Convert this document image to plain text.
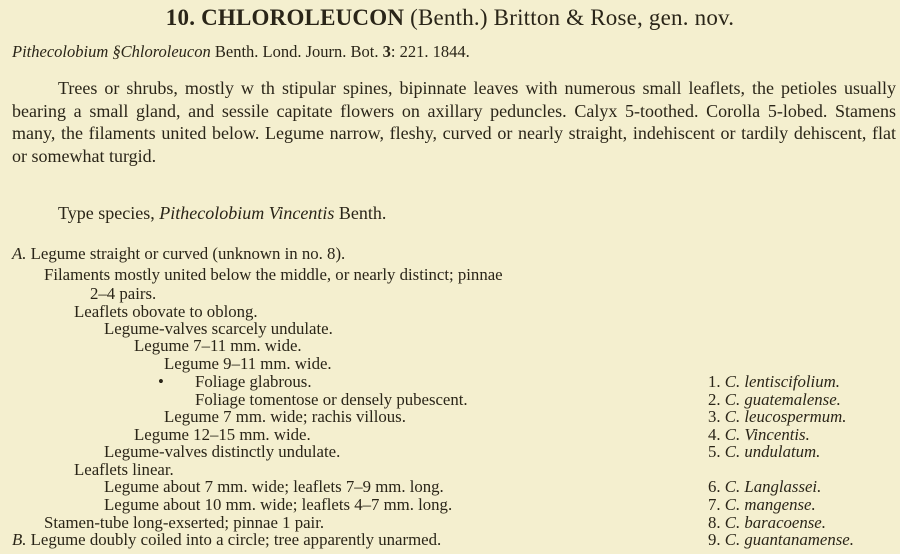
10. CHLOROLEUCON (Benth.) Britton & Rose, gen. nov.
Pithecolobium §Chloroleucon Benth. Lond. Journ. Bot. 3: 221. 1844.

Trees or shrubs, mostly w th stipular spines, bipinnate leaves with numerous small leaflets, the petioles usually bearing a small gland, and sessile capitate flowers on axillary peduncles. Calyx 5-toothed. Corolla 5-lobed. Stamens many, the filaments united below. Legume narrow, fleshy, curved or nearly straight, indehiscent or tardily dehiscent, flat or somewhat turgid.

Type species, Pithecolobium Vincentis Benth.

A. Legume straight or curved (unknown in no. 8).
Filaments mostly united below the middle, or nearly distinct; pinnae
2–4 pairs.
Leaflets obovate to oblong.
Legume-valves scarcely undulate.
Legume 7–11 mm. wide.
Legume 9–11 mm. wide.
• Foliage glabrous.
Foliage tomentose or densely pubescent.
Legume 7 mm. wide; rachis villous.
Legume 12–15 mm. wide.
Legume-valves distinctly undulate.
Leaflets linear.
Legume about 7 mm. wide; leaflets 7–9 mm. long.
Legume about 10 mm. wide; leaflets 4–7 mm. long.
Stamen-tube long-exserted; pinnae 1 pair.
B. Legume doubly coiled into a circle; tree apparently unarmed.
1. C. lentiscifolium.
2. C. guatemalense.
3. C. leucospermum.
4. C. Vincentis.
5. C. undulatum.
6. C. Langlassei.
7. C. mangense.
8. C. baracoense.
9. C. guantanamense.
